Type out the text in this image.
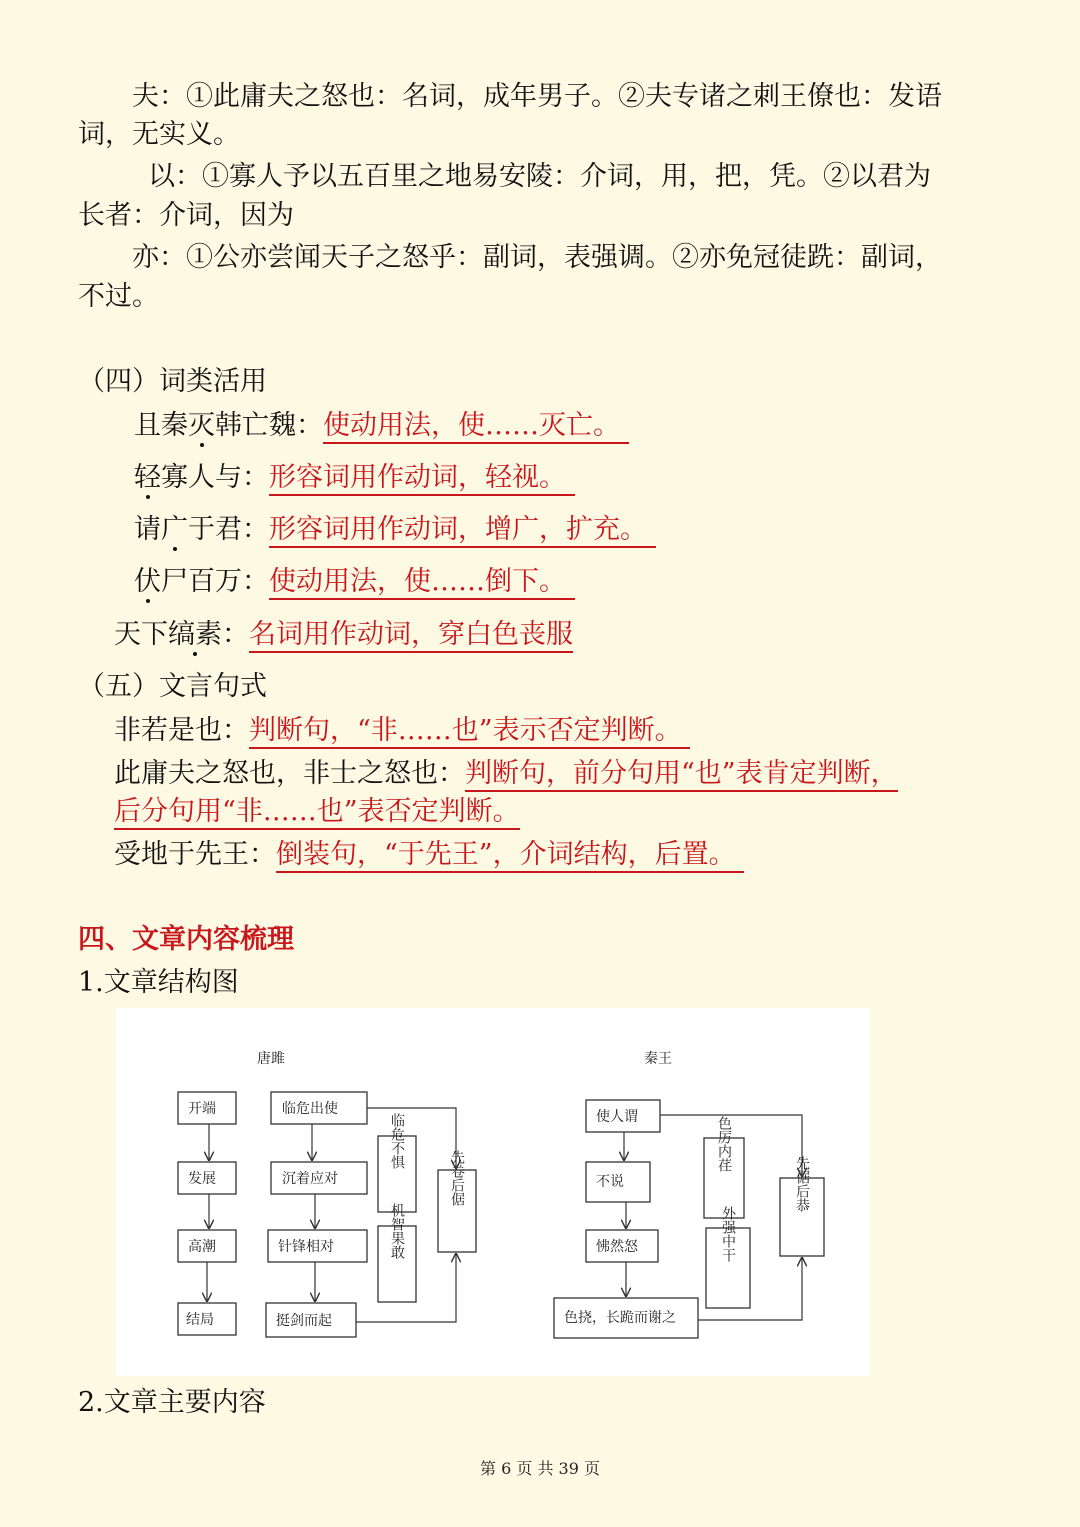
夫：①此庸夫之怒也：名词，成年男子。②夫专诸之刺王僚也：发语
词，无实义。
以：①寡人予以五百里之地易安陵：介词，用，把，凭。②以君为
长者：介词，因为
亦：①公亦尝闻天子之怒乎：副词，表强调。②亦免冠徒跣：副词，
不过。
（四）词类活用
且秦灭韩亡魏：使动用法，使……灭亡。
轻寡人与：形容词用作动词，轻视。
请广于君：形容词用作动词，增广，扩充。
伏尸百万：使动用法，使……倒下。
天下缟素：名词用作动词，穿白色丧服
（五）文言句式
非若是也：判断句，“非……也”表示否定判断。
此庸夫之怒也，非士之怒也：判断句，前分句用“也”表肯定判断，
后分句用“非……也”表否定判断。
受地于先王：倒装句，“于先王”，介词结构，后置。
四、文章内容梳理
1.文章结构图
唐雎	秦王
开端
发展
高潮
结局
临危出使
沉着应对
针锋相对
挺剑而起
临危不惧
机智果敢
先卷后倨
使人谓
不说
怫然怒
色挠，长跪而谢之
色厉内荏
外强中干
先倨后恭
2.文章主要内容
第 6 页 共 39 页
